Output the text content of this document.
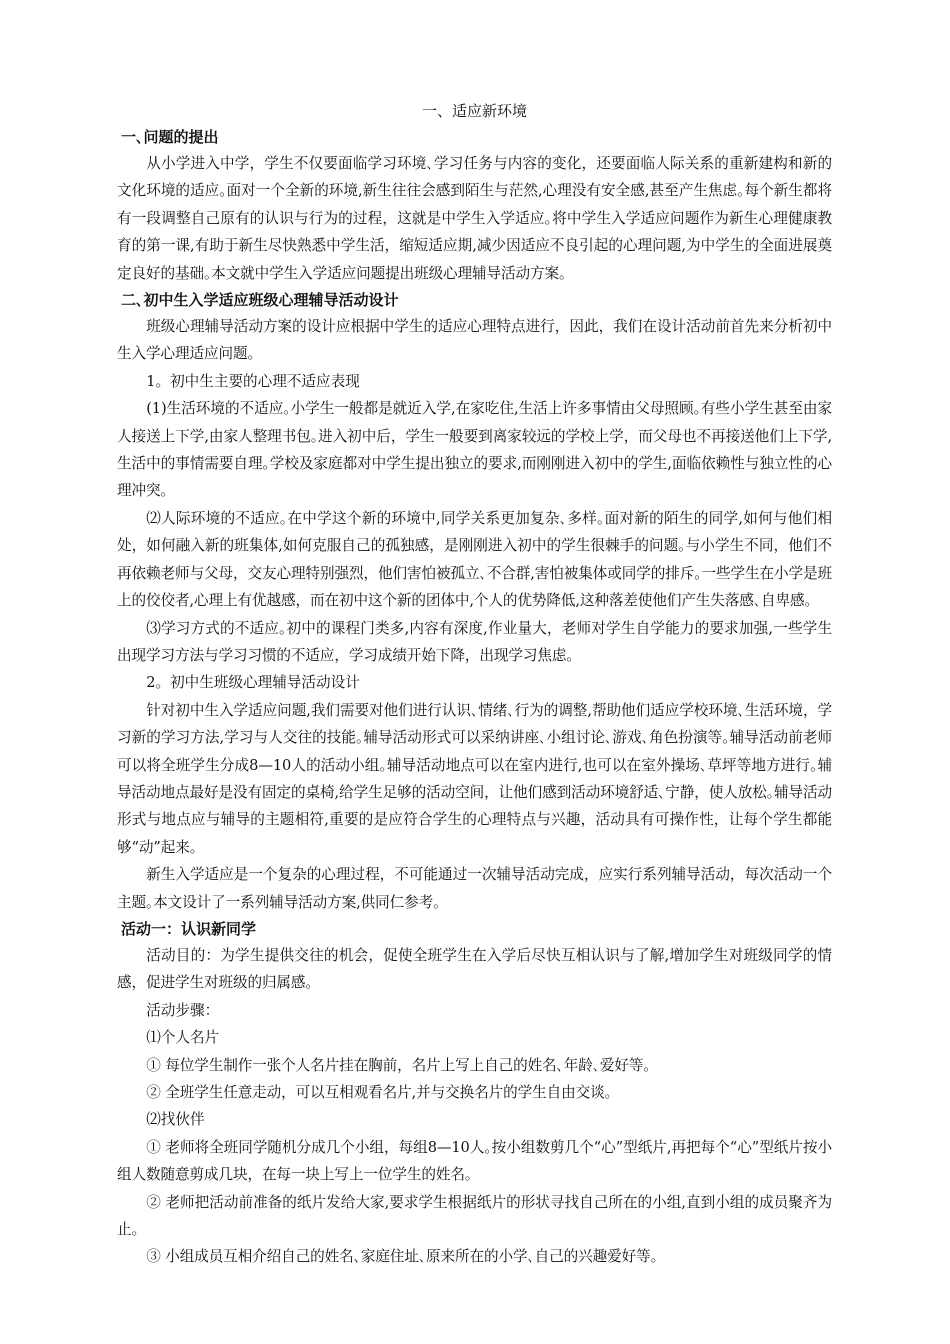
一、适应新环境

一､问题的提出

从小学进入中学，学生不仅要面临学习环境､学习任务与内容的变化，还要面临人际关系的重新建构和新的文化环境的适应｡面对一个全新的环境,新生往往会感到陌生与茫然,心理没有安全感,甚至产生焦虑｡每个新生都将有一段调整自己原有的认识与行为的过程，这就是中学生入学适应｡将中学生入学适应问题作为新生心理健康教育的第一课,有助于新生尽快熟悉中学生活，缩短适应期,减少因适应不良引起的心理问题,为中学生的全面进展奠定良好的基础｡本文就中学生入学适应问题提出班级心理辅导活动方案｡

二､初中生入学适应班级心理辅导活动设计

班级心理辅导活动方案的设计应根据中学生的适应心理特点进行，因此，我们在设计活动前首先来分析初中生入学心理适应问题｡

1。初中生主要的心理不适应表现

(1)生活环境的不适应｡小学生一般都是就近入学,在家吃住,生活上许多事情由父母照顾｡有些小学生甚至由家人接送上下学,由家人整理书包｡进入初中后，学生一般要到离家较远的学校上学，而父母也不再接送他们上下学,生活中的事情需要自理｡学校及家庭都对中学生提出独立的要求,而刚刚进入初中的学生,面临依赖性与独立性的心理冲突｡

⑵人际环境的不适应｡在中学这个新的环境中,同学关系更加复杂､多样｡面对新的陌生的同学,如何与他们相处，如何融入新的班集体,如何克服自己的孤独感，是刚刚进入初中的学生很棘手的问题｡与小学生不同，他们不再依赖老师与父母，交友心理特别强烈，他们害怕被孤立､不合群,害怕被集体或同学的排斥｡一些学生在小学是班上的佼佼者,心理上有优越感，而在初中这个新的团体中,个人的优势降低,这种落差使他们产生失落感､自卑感｡

⑶学习方式的不适应｡初中的课程门类多,内容有深度,作业量大，老师对学生自学能力的要求加强,一些学生出现学习方法与学习习惯的不适应，学习成绩开始下降，出现学习焦虑｡

2。初中生班级心理辅导活动设计

针对初中生入学适应问题,我们需要对他们进行认识､情绪､行为的调整,帮助他们适应学校环境､生活环境，学习新的学习方法,学习与人交往的技能｡辅导活动形式可以采纳讲座､小组讨论､游戏､角色扮演等｡辅导活动前老师可以将全班学生分成8—10人的活动小组｡辅导活动地点可以在室内进行,也可以在室外操场､草坪等地方进行｡辅导活动地点最好是没有固定的桌椅,给学生足够的活动空间，让他们感到活动环境舒适､宁静，使人放松｡辅导活动形式与地点应与辅导的主题相符,重要的是应符合学生的心理特点与兴趣，活动具有可操作性，让每个学生都能够“动”起来｡

新生入学适应是一个复杂的心理过程，不可能通过一次辅导活动完成，应实行系列辅导活动，每次活动一个主题｡本文设计了一系列辅导活动方案,供同仁参考｡

活动一：认识新同学

活动目的：为学生提供交往的机会，促使全班学生在入学后尽快互相认识与了解,增加学生对班级同学的情感，促进学生对班级的归属感｡

活动步骤：

⑴个人名片

① 每位学生制作一张个人名片挂在胸前，名片上写上自己的姓名､年龄､爱好等｡

② 全班学生任意走动，可以互相观看名片,并与交换名片的学生自由交谈｡

⑵找伙伴

① 老师将全班同学随机分成几个小组，每组8—10人｡按小组数剪几个“心”型纸片,再把每个“心”型纸片按小组人数随意剪成几块，在每一块上写上一位学生的姓名｡

② 老师把活动前准备的纸片发给大家,要求学生根据纸片的形状寻找自己所在的小组,直到小组的成员聚齐为止｡

③ 小组成员互相介绍自己的姓名､家庭住址､原来所在的小学､自己的兴趣爱好等｡
